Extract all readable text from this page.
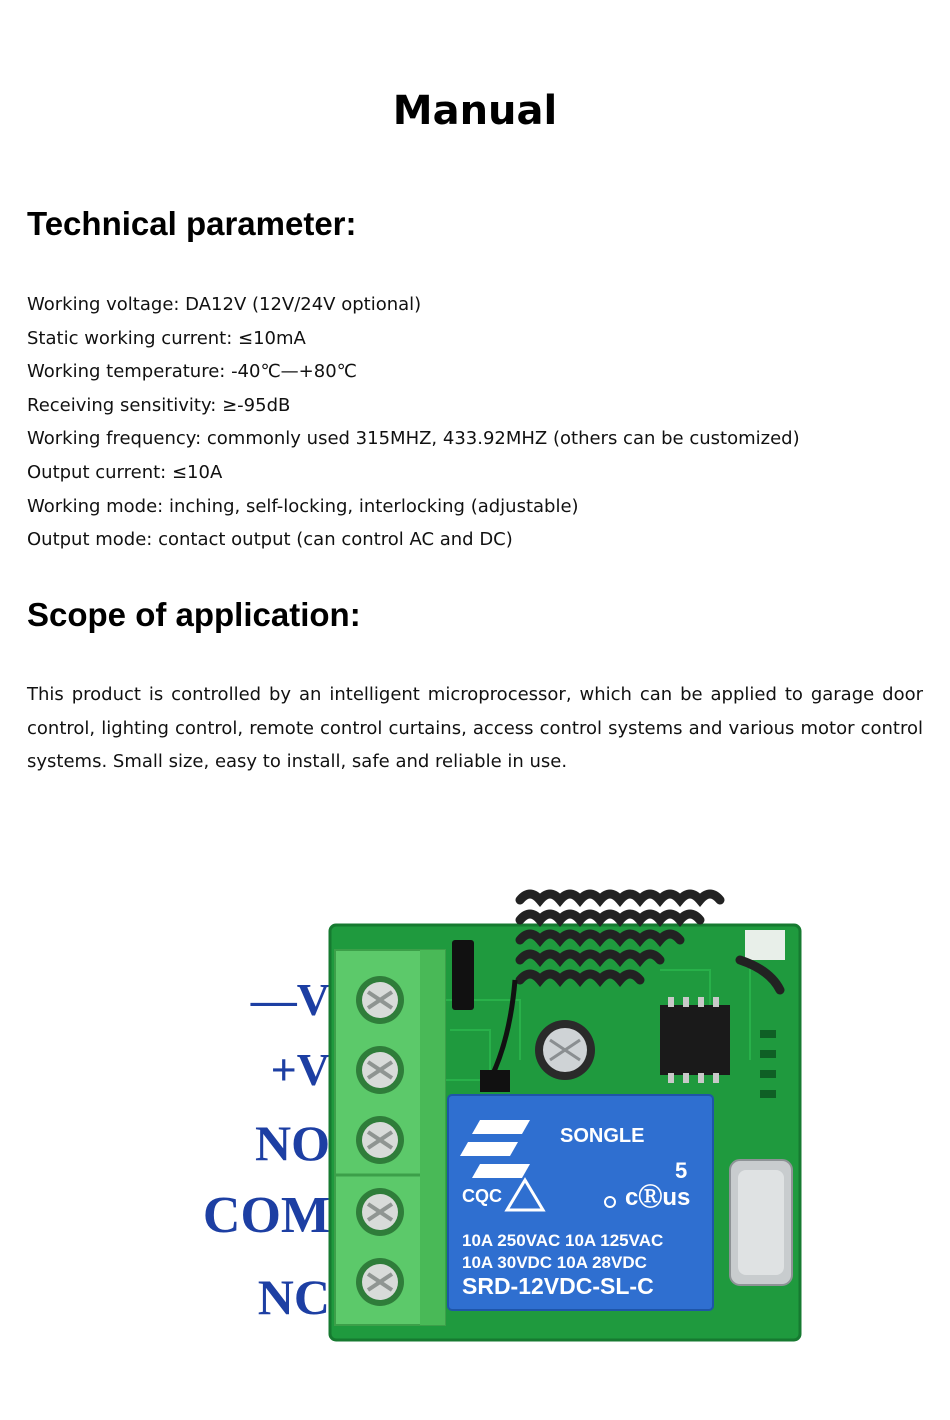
Manual
Technical parameter:
Working voltage: DA12V (12V/24V optional)
Static working current: ≤10mA
Working temperature: -40℃—+80℃
Receiving sensitivity: ≥-95dB
Working frequency: commonly used 315MHZ, 433.92MHZ (others can be customized)
Output current: ≤10A
Working mode: inching, self-locking, interlocking (adjustable)
Output mode: contact output (can control AC and DC)
Scope of application:

This product is controlled by an intelligent microprocessor, which can be applied to garage door control, lighting control, remote control curtains, access control systems and various motor control systems. Small size, easy to install, safe and reliable in use.

—V
+V
NO
COM
NC
SONGLE
CQC	cⓇus
5
10A 250VAC 10A 125VAC
10A 30VDC 10A 28VDC
SRD-12VDC-SL-C
